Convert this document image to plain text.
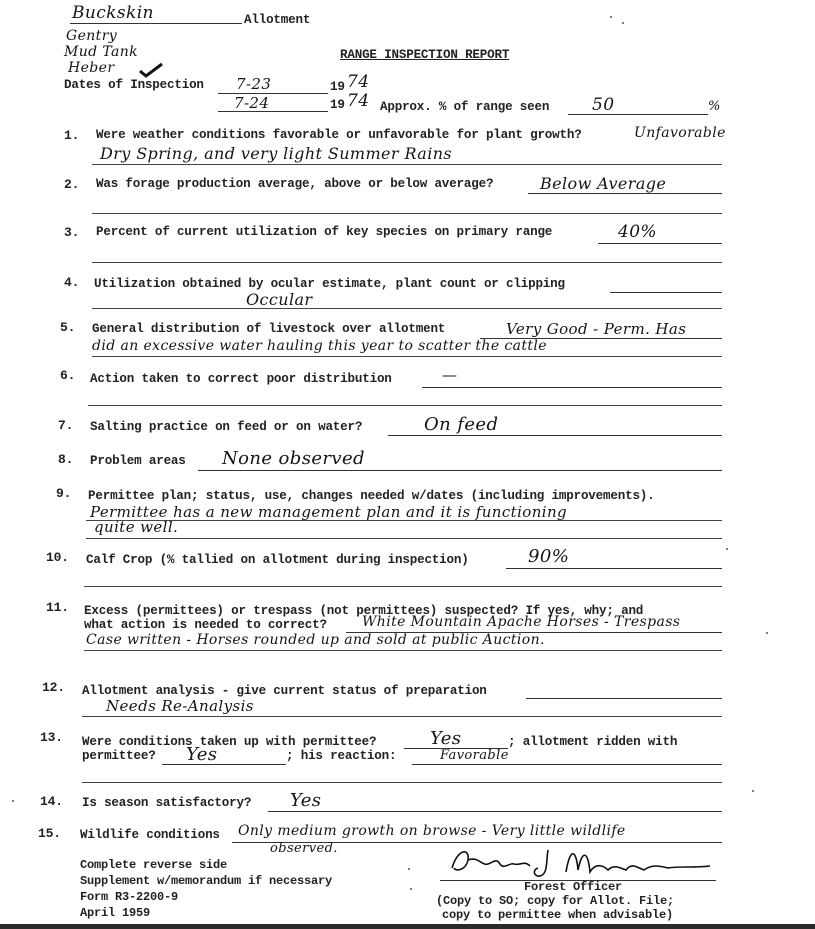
Buckskin	Allotment
Gentry
Mud Tank
Heber
RANGE INSPECTION REPORT
Dates of Inspection 7-23	19 74
7-24	19 74 Approx. % of range seen	50	%
1. Were weather conditions favorable or unfavorable for plant growth?	Unfavorable
Dry Spring, and very light Summer Rains
2. Was forage production average, above or below average?	Below Average
3. Percent of current utilization of key species on primary range	40%
4. Utilization obtained by ocular estimate, plant count or clipping
Occular
5. General distribution of livestock over allotment	Very Good - Perm. Has
did an excessive water hauling this year to scatter the cattle
6. Action taken to correct poor distribution	—
7. Salting practice on feed or on water?	On feed
8. Problem areas None observed
9. Permittee plan; status, use, changes needed w/dates (including improvements).
Permittee has a new management plan and it is functioning
quite well.
10. Calf Crop (% tallied on allotment during inspection)	90%
11. Excess (permittees) or trespass (not permittees) suspected? If yes, why; and
what action is needed to correct?	White Mountain Apache Horses - Trespass
Case written - Horses rounded up and sold at public Auction.
12. Allotment analysis - give current status of preparation
Needs Re-Analysis
13. Were conditions taken up with permittee?	Yes	; allotment ridden with
permittee? Yes	; his reaction:	Favorable
14. Is season satisfactory? Yes
15. Wildlife conditions Only medium growth on browse - Very little wildlife
observed.
Complete reverse side
Supplement w/memorandum if necessary
Form R3-2200-9
April 1959
Forest Officer
(Copy to SO; copy for Allot. File;
copy to permittee when advisable)
